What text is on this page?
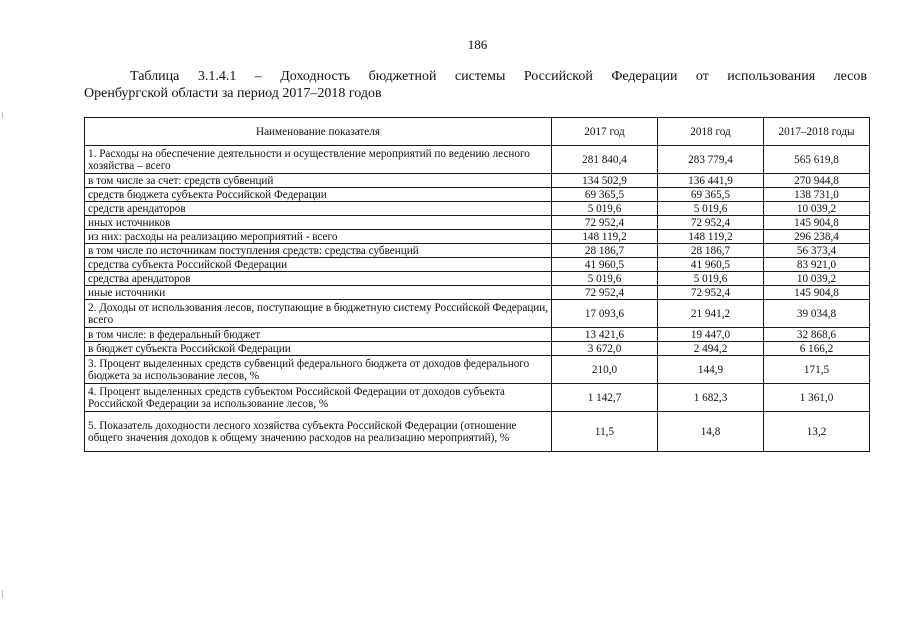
186
Таблица 3.1.4.1 – Доходность бюджетной системы Российской Федерации от использования лесов
Оренбургской области за период 2017–2018 годов
Наименование показателя	2017 год	2018 год	2017–2018 годы
1. Расходы на обеспечение деятельности и осуществление мероприятий по ведению лесного хозяйства – всего	281 840,4	283 779,4	565 619,8
в том числе за счет: средств субвенций	134 502,9	136 441,9	270 944,8
средств бюджета субъекта Российской Федерации	69 365,5	69 365,5	138 731,0
средств арендаторов	5 019,6	5 019,6	10 039,2
иных источников	72 952,4	72 952,4	145 904,8
из них: расходы на реализацию мероприятий - всего	148 119,2	148 119,2	296 238,4
в том числе по источникам поступления средств: средства субвенций	28 186,7	28 186,7	56 373,4
средства субъекта Российской Федерации	41 960,5	41 960,5	83 921,0
средства арендаторов	5 019,6	5 019,6	10 039,2
иные источники	72 952,4	72 952,4	145 904,8
2. Доходы от использования лесов, поступающие в бюджетную систему Российской Федерации, всего	17 093,6	21 941,2	39 034,8
в том числе: в федеральный бюджет	13 421,6	19 447,0	32 868,6
в бюджет субъекта Российской Федерации	3 672,0	2 494,2	6 166,2
3. Процент выделенных средств субвенций федерального бюджета от доходов федерального бюджета за использование лесов, %	210,0	144,9	171,5
4. Процент выделенных средств субъектом Российской Федерации от доходов субъекта Российской Федерации за использование лесов, %	1 142,7	1 682,3	1 361,0
5. Показатель доходности лесного хозяйства субъекта Российской Федерации (отношение общего значения доходов к общему значению расходов на реализацию мероприятий), %	11,5	14,8	13,2
